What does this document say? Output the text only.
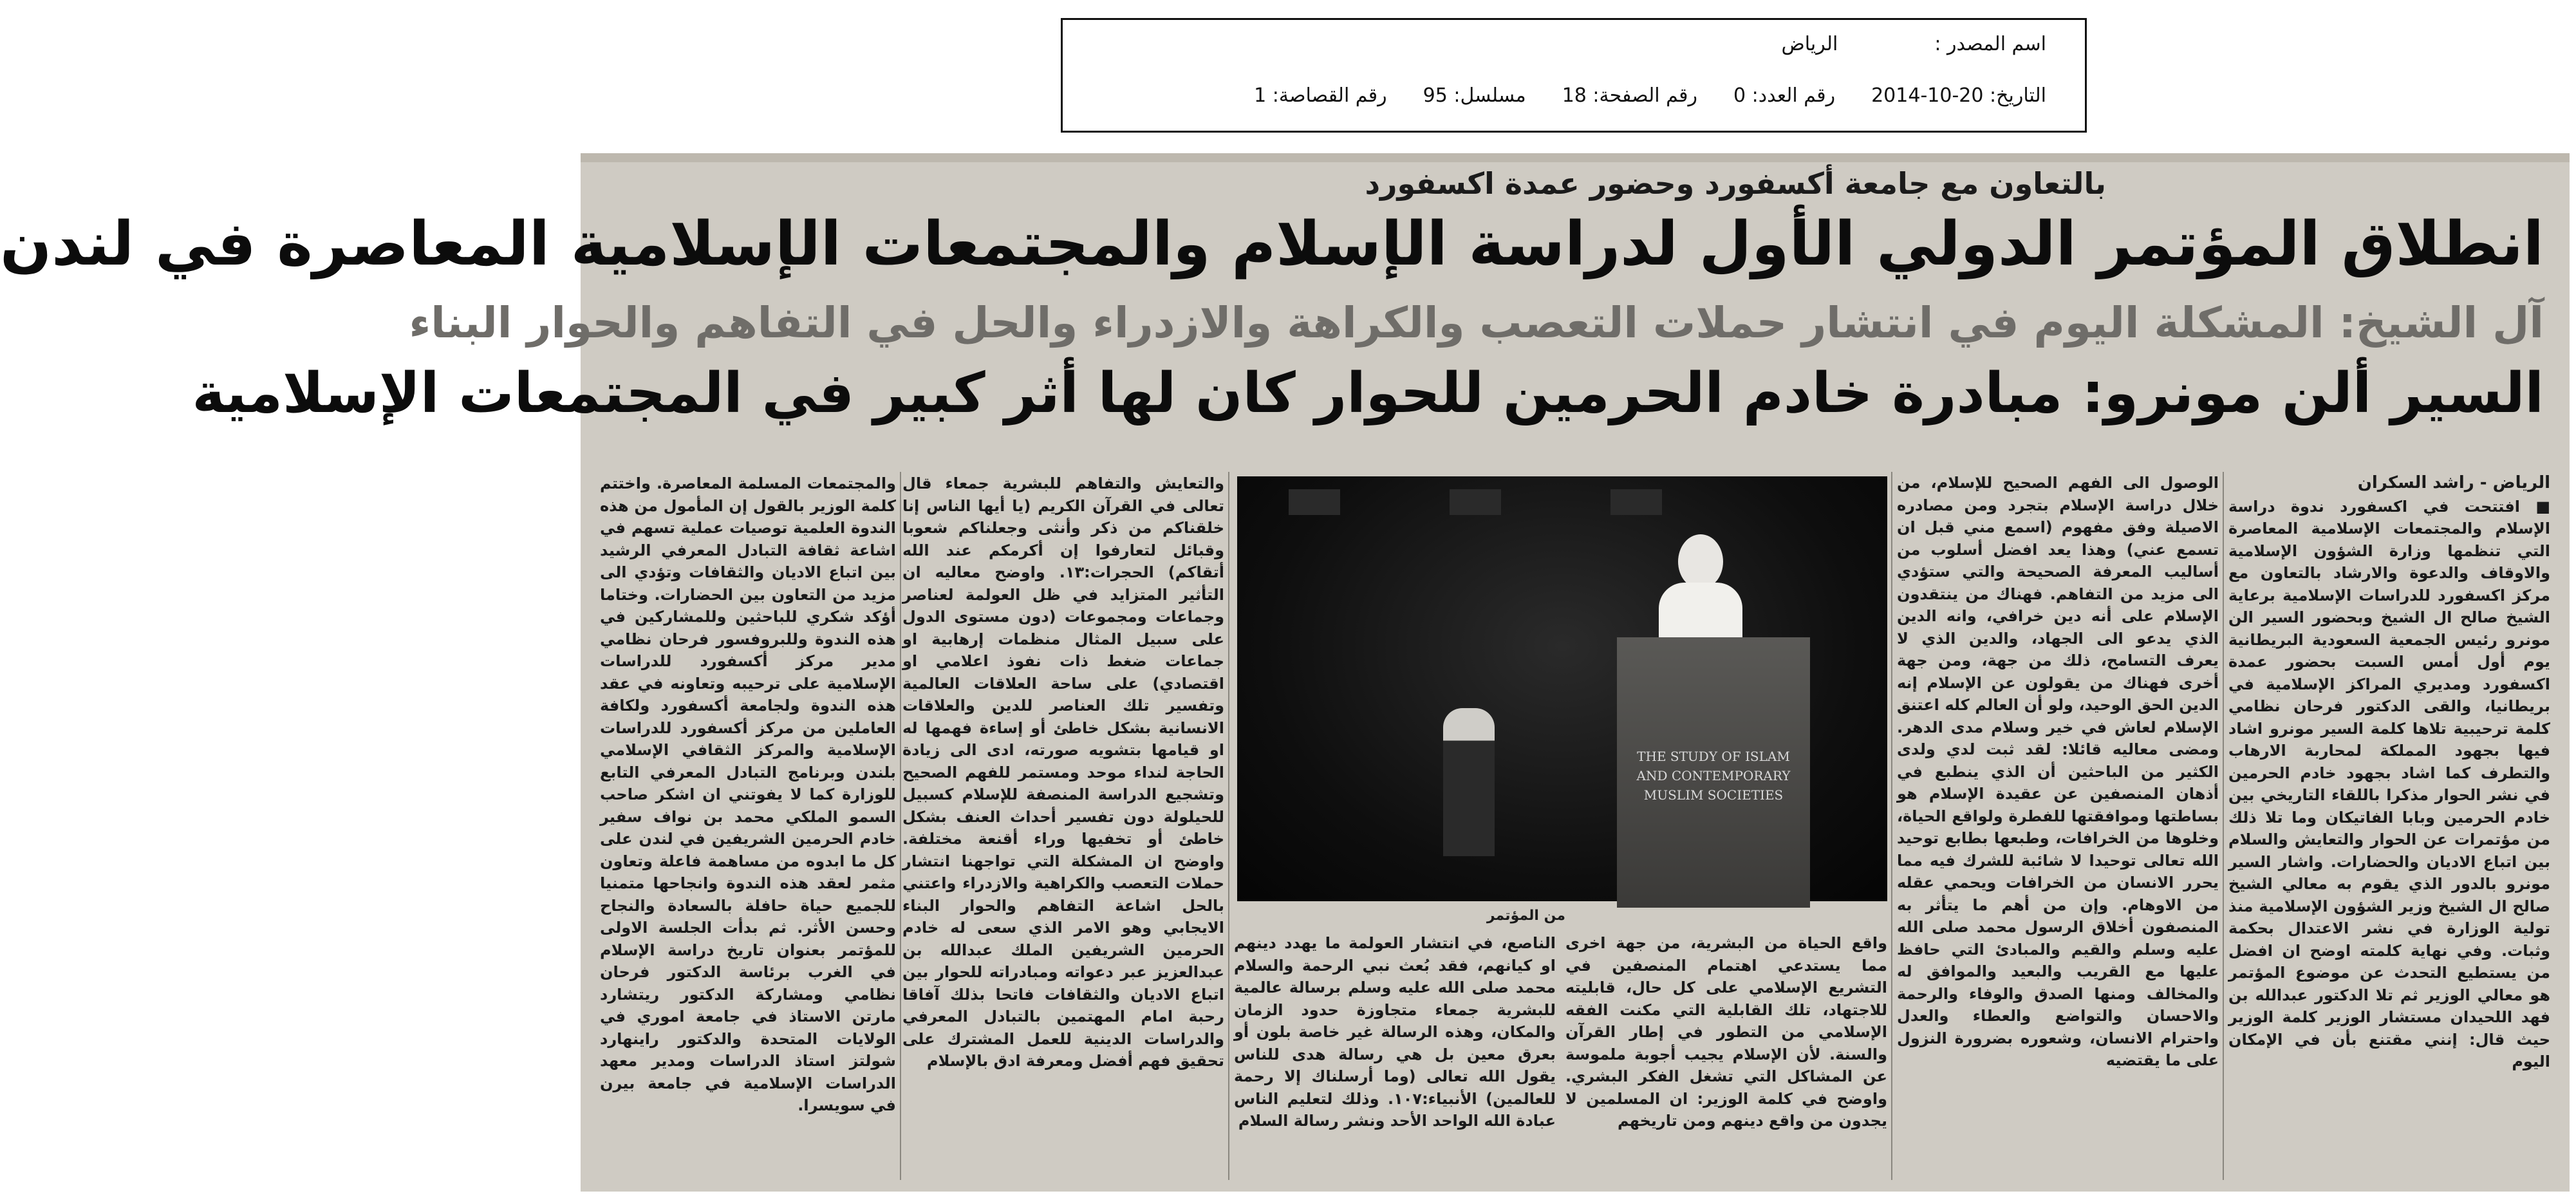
اسم المصدر :الرياض
التاريخ: 20-10-2014رقم العدد: 0رقم الصفحة: 18مسلسل: 95رقم القصاصة: 1
بالتعاون مع جامعة أكسفورد وحضور عمدة اكسفورد
انطلاق المؤتمر الدولي الأول لدراسة الإسلام والمجتمعات الإسلامية المعاصرة في لندن
آل الشيخ: المشكلة اليوم في انتشار حملات التعصب والكراهة والازدراء والحل في التفاهم والحوار البناء
السير ألن مونرو: مبادرة خادم الحرمين للحوار كان لها أثر كبير في المجتمعات الإسلامية

الرياض - راشد السكران

■ افتتحت في اكسفورد ندوة دراسة الإسلام والمجتمعات الإسلامية المعاصرة التي تنظمها وزارة الشؤون الإسلامية والاوقاف والدعوة والارشاد بالتعاون مع مركز اكسفورد للدراسات الإسلامية برعاية الشيخ صالح ال الشيخ وبحضور السير الن مونرو رئيس الجمعية السعودية البريطانية يوم أول أمس السبت بحضور عمدة اكسفورد ومديري المراكز الإسلامية في بريطانيا، والقى الدكتور فرحان نظامي كلمة ترحيبية تلاها كلمة السير مونرو اشاد فيها بجهود المملكة لمحاربة الارهاب والتطرف كما اشاد بجهود خادم الحرمين في نشر الحوار مذكرا باللقاء التاريخي بين خادم الحرمين وبابا الفاتيكان وما تلا ذلك من مؤتمرات عن الحوار والتعايش والسلام بين اتباع الاديان والحضارات. واشار السير مونرو بالدور الذي يقوم به معالي الشيخ صالح ال الشيخ وزير الشؤون الإسلامية منذ تولية الوزارة في نشر الاعتدال بحكمة وثبات. وفي نهاية كلمته اوضح ان افضل من يستطيع التحدث عن موضوع المؤتمر هو معالي الوزير ثم تلا الدكتور عبدالله بن فهد اللحيدان مستشار الوزير كلمة الوزير حيث قال: إنني مقتنع بأن في الإمكان اليوم

الوصول الى الفهم الصحيح للإسلام، من خلال دراسة الإسلام بتجرد ومن مصادره الاصيلة وفق مفهوم (اسمع مني قبل ان تسمع عني) وهذا يعد افضل أسلوب من أساليب المعرفة الصحيحة والتي ستؤدي الى مزيد من التفاهم. فهناك من ينتقدون الإسلام على أنه دين خرافي، وانه الدين الذي يدعو الى الجهاد، والدين الذي لا يعرف التسامح، ذلك من جهة، ومن جهة أخرى فهناك من يقولون عن الإسلام إنه الدين الحق الوحيد، ولو أن العالم كله اعتنق الإسلام لعاش في خير وسلام مدى الدهر. ومضى معاليه قائلا: لقد ثبت لدي ولدى الكثير من الباحثين أن الذي ينطبع في أذهان المنصفين عن عقيدة الإسلام هو بساطتها وموافقتها للفطرة ولواقع الحياة، وخلوها من الخرافات، وطبعها بطابع توحيد الله تعالى توحيدا لا شائبة للشرك فيه مما يحرر الانسان من الخرافات ويحمي عقله من الاوهام. وإن من أهم ما يتأثر به المنصفون أخلاق الرسول محمد صلى الله عليه وسلم والقيم والمبادئ التي حافظ عليها مع القريب والبعيد والموافق له والمخالف ومنها الصدق والوفاء والرحمة والاحسان والتواضع والعطاء والعدل واحترام الانسان، وشعوره بضرورة النزول على ما يقتضيه

THE STUDY OF ISLAM AND CONTEMPORARY MUSLIM SOCIETIES
من المؤتمر

واقع الحياة من البشرية، من جهة اخرى مما يستدعي اهتمام المنصفين في التشريع الإسلامي على كل حال، قابليته للاجتهاد، تلك القابلية التي مكنت الفقه الإسلامي من التطور في إطار القرآن والسنة. لأن الإسلام يجيب أجوبة ملموسة عن المشاكل التي تشغل الفكر البشري. واوضح في كلمة الوزير: ان المسلمين لا يجدون من واقع دينهم ومن تاريخهم

الناصع، في انتشار العولمة ما يهدد دينهم او كيانهم، فقد بُعث نبي الرحمة والسلام محمد صلى الله عليه وسلم برسالة عالمية للبشرية جمعاء متجاوزة حدود الزمان والمكان، وهذه الرسالة غير خاصة بلون أو بعرق معين بل هي رسالة هدى للناس يقول الله تعالى (وما أرسلناك إلا رحمة للعالمين) الأنبياء:١٠٧. وذلك لتعليم الناس عبادة الله الواحد الأحد ونشر رسالة السلام

والتعايش والتفاهم للبشرية جمعاء قال تعالى في القرآن الكريم (يا أيها الناس إنا خلقناكم من ذكر وأنثى وجعلناكم شعوبا وقبائل لتعارفوا إن أكرمكم عند الله أتقاكم) الحجرات:١٣. واوضح معاليه ان التأثير المتزايد في ظل العولمة لعناصر وجماعات ومجموعات (دون مستوى الدول على سبيل المثال منظمات إرهابية او جماعات ضغط ذات نفوذ اعلامي او اقتصادي) على ساحة العلاقات العالمية وتفسير تلك العناصر للدين والعلاقات الانسانية بشكل خاطئ أو إساءة فهمها له او قيامها بتشويه صورته، ادى الى زيادة الحاجة لنداء موحد ومستمر للفهم الصحيح وتشجيع الدراسة المنصفة للإسلام كسبيل للحيلولة دون تفسير أحداث العنف بشكل خاطئ أو تخفيها وراء أقنعة مختلفة. واوضح ان المشكلة التي تواجهنا انتشار حملات التعصب والكراهية والازدراء واعتني بالحل اشاعة التفاهم والحوار البناء الايجابي وهو الامر الذي سعى له خادم الحرمين الشريفين الملك عبدالله بن عبدالعزيز عبر دعواته ومبادراته للحوار بين اتباع الاديان والثقافات فاتحا بذلك آفاقا رحبة امام المهتمين بالتبادل المعرفي والدراسات الدينية للعمل المشترك على تحقيق فهم أفضل ومعرفة ادق بالإسلام

والمجتمعات المسلمة المعاصرة. واختتم كلمة الوزير بالقول إن المأمول من هذه الندوة العلمية توصيات عملية تسهم في اشاعة ثقافة التبادل المعرفي الرشيد بين اتباع الاديان والثقافات وتؤدي الى مزيد من التعاون بين الحضارات. وختاما أؤكد شكري للباحثين وللمشاركين في هذه الندوة وللبروفسور فرحان نظامي مدير مركز أكسفورد للدراسات الإسلامية على ترحيبه وتعاونه في عقد هذه الندوة ولجامعة أكسفورد ولكافة العاملين من مركز أكسفورد للدراسات الإسلامية والمركز الثقافي الإسلامي بلندن وبرنامج التبادل المعرفي التابع للوزارة كما لا يفوتني ان اشكر صاحب السمو الملكي محمد بن نواف سفير خادم الحرمين الشريفين في لندن على كل ما ابدوه من مساهمة فاعلة وتعاون مثمر لعقد هذه الندوة وانجاحها متمنيا للجميع حياة حافلة بالسعادة والنجاح وحسن الأثر. ثم بدأت الجلسة الاولى للمؤتمر بعنوان تاريخ دراسة الإسلام في الغرب برئاسة الدكتور فرحان نظامي ومشاركة الدكتور ريتشارد مارتن الاستاذ في جامعة اموري في الولايات المتحدة والدكتور راينهارد شولتز استاذ الدراسات ومدير معهد الدراسات الإسلامية في جامعة بيرن في سويسرا.
